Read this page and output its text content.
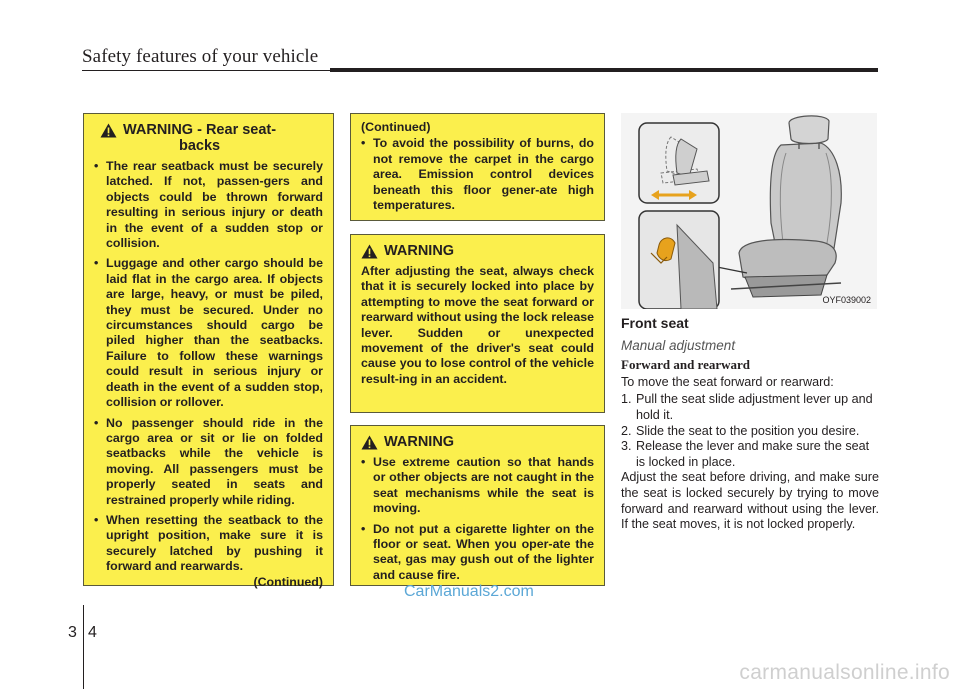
Safety features of your vehicle
WARNING - Rear seat-
backs
• The rear seatback must be securely latched. If not, passen-gers and objects could be thrown forward resulting in serious injury or death in the event of a sudden stop or collision.
• Luggage and other cargo should be laid flat in the cargo area. If objects are large, heavy, or must be piled, they must be secured. Under no circumstances should cargo be piled higher than the seatbacks. Failure to follow these warnings could result in serious injury or death in the event of a sudden stop, collision or rollover.
• No passenger should ride in the cargo area or sit or lie on folded seatbacks while the vehicle is moving. All passengers must be properly seated in seats and restrained properly while riding.
• When resetting the seatback to the upright position, make sure it is securely latched by pushing it forward and rearwards.
(Continued)
(Continued)
• To avoid the possibility of burns, do not remove the carpet in the cargo area. Emission control devices beneath this floor gener-ate high temperatures.
WARNING
After adjusting the seat, always check that it is securely locked into place by attempting to move the seat forward or rearward without using the lock release lever. Sudden or unexpected movement of the driver's seat could cause you to lose control of the vehicle result-ing in an accident.
WARNING
• Use extreme caution so that hands or other objects are not caught in the seat mechanisms while the seat is moving.
• Do not put a cigarette lighter on the floor or seat. When you oper-ate the seat, gas may gush out of the lighter and cause fire.
OYF039002
Front seat
Manual adjustment
Forward and rearward
To move the seat forward or rearward:
1. Pull the seat slide adjustment lever up and hold it.
2. Slide the seat to the position you desire.
3. Release the lever and make sure the seat is locked in place.
Adjust the seat before driving, and make sure the seat is locked securely by trying to move forward and rearward without using the lever. If the seat moves, it is not locked properly.
CarManuals2.com
3 4
carmanualsonline.info
